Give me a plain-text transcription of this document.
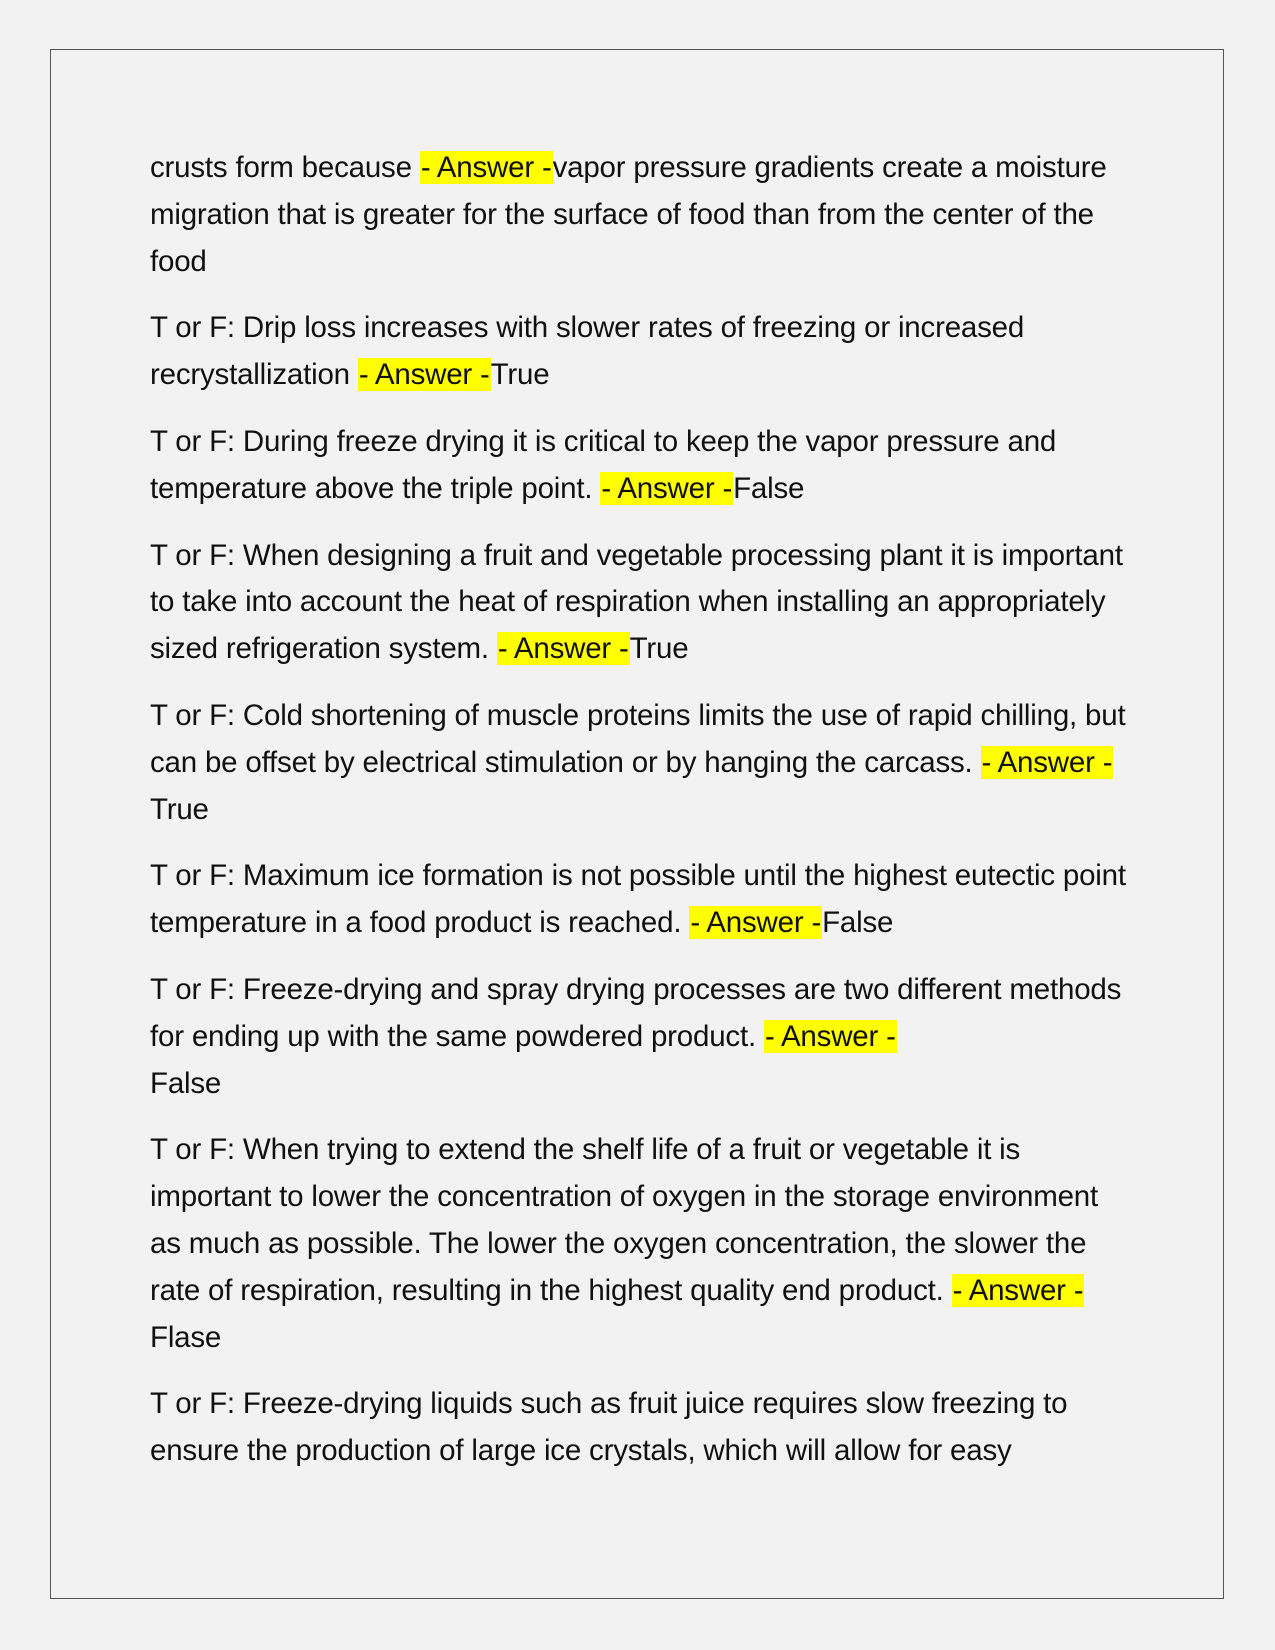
crusts form because - Answer -vapor pressure gradients create a moisture migration that is greater for the surface of food than from the center of the food

T or F: Drip loss increases with slower rates of freezing or increased recrystallization - Answer -True

T or F: During freeze drying it is critical to keep the vapor pressure and temperature above the triple point. - Answer -False

T or F: When designing a fruit and vegetable processing plant it is important to take into account the heat of respiration when installing an appropriately sized refrigeration system. - Answer -True

T or F: Cold shortening of muscle proteins limits the use of rapid chilling, but can be offset by electrical stimulation or by hanging the carcass. - Answer -True

T or F: Maximum ice formation is not possible until the highest eutectic point temperature in a food product is reached. - Answer -False

T or F: Freeze-drying and spray drying processes are two different methods for ending up with the same powdered product. - Answer -
False

T or F: When trying to extend the shelf life of a fruit or vegetable it is important to lower the concentration of oxygen in the storage environment as much as possible. The lower the oxygen concentration, the slower the rate of respiration, resulting in the highest quality end product. - Answer -Flase

T or F: Freeze-drying liquids such as fruit juice requires slow freezing to ensure the production of large ice crystals, which will allow for easy
